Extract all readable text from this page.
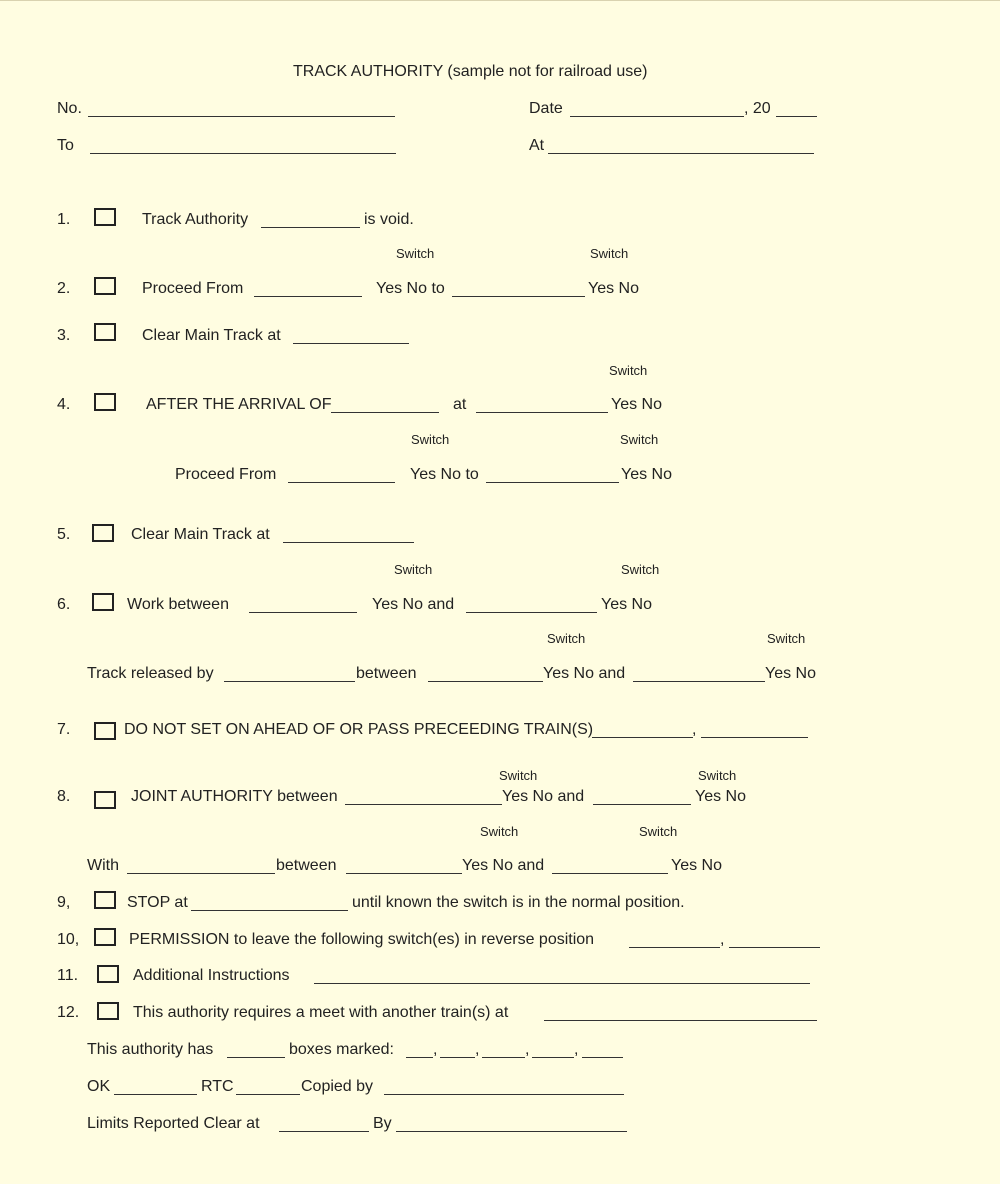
TRACK AUTHORITY (sample not for railroad use)
No.	Date	, 20
To	At
1.	Track Authority	is void.
Switch	Switch
2.	Proceed From	Yes No to	Yes No
3.	Clear Main Track at
Switch
4.	AFTER THE ARRIVAL OF	at	Yes No
Switch	Switch
Proceed From	Yes No to	Yes No
5.	Clear Main Track at
Switch	Switch
6.	Work between	Yes No and	Yes No
Switch	Switch
Track released by	between	Yes No and	Yes No
7.	DO NOT SET ON AHEAD OF OR PASS PRECEEDING TRAIN(S)	,
Switch	Switch
8.	JOINT AUTHORITY between	Yes No and	Yes No
Switch	Switch
With	between	Yes No and	Yes No
9,	STOP at	until known the switch is in the normal position.
10,	PERMISSION to leave the following switch(es) in reverse position	,
11.	Additional Instructions
12.	This authority requires a meet with another train(s) at
This authority has	boxes marked: , ,	,	,
OK	RTC	Copied by
Limits Reported Clear at	By
